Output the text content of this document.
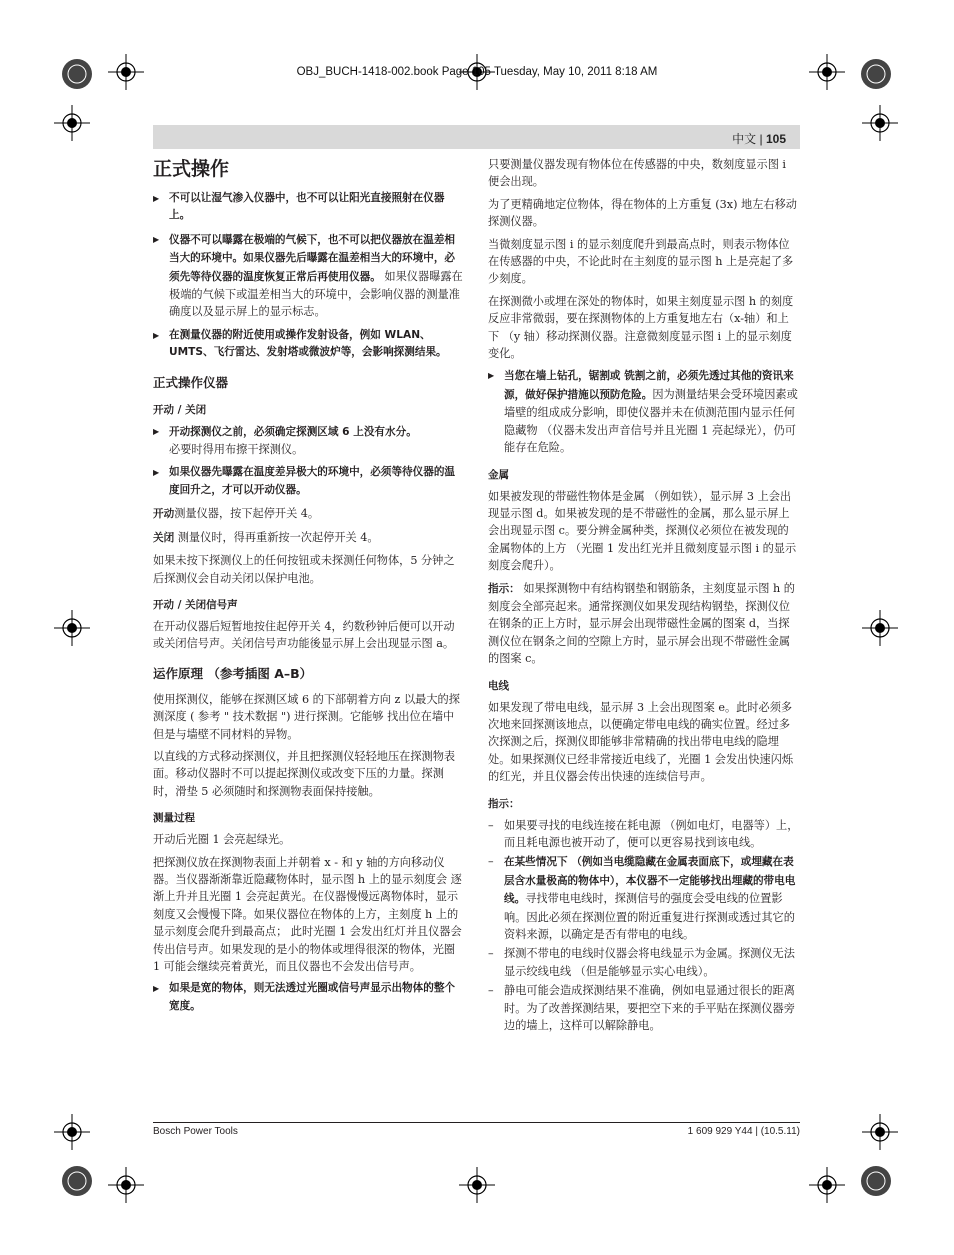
OBJ_BUCH-1418-002.book Page 105 Tuesday, May 10, 2011 8:18 AM
中文 | 105
正式操作
▶ 不可以让湿气渗入仪器中，也不可以让阳光直接照射在仪器上。
▶ 仪器不可以曝露在极端的气候下，也不可以把仪器放在温差相当大的环境中。如果仪器先后曝露在温差相当大的环境中，必须先等待仪器的温度恢复正常后再使用仪器。 如果仪器曝露在极端的气候下或温差相当大的环境中，会影响仪器的测量准确度以及显示屏上的显示标志。
▶ 在测量仪器的附近使用或操作发射设备，例如 WLAN、 UMTS、飞行雷达、发射塔或微波炉等，会影响探测结果。
正式操作仪器
开动 / 关闭
▶ 开动探测仪之前，必须确定探测区域 6 上没有水分。
必要时得用布擦干探测仪。
▶ 如果仪器先曝露在温度差异极大的环境中，必须等待仪器的温度回升之，才可以开动仪器。

开动测量仪器，按下起停开关 4。

关闭 测量仪时，得再重新按一次起停开关 4。

如果未按下探测仪上的任何按钮或未探测任何物体，5 分钟之后探测仪会自动关闭以保护电池。

开动 / 关闭信号声

在开动仪器后短暂地按住起停开关 4，约数秒钟后便可以开动或关闭信号声。关闭信号声功能後显示屏上会出现显示图 a。

运作原理 （参考插图 A–B）

使用探测仪，能够在探测区域 6 的下部朝着方向 z 以最大的探测深度 ( 参考 " 技术数据 ") 进行探测。它能够 找出位在墙中但是与墙壁不同材料的异物。

以直线的方式移动探测仪，并且把探测仪轻轻地压在探测物表面。移动仪器时不可以提起探测仪或改变下压的力量。探测时，滑垫 5 必须随时和探测物表面保持接触。

测量过程

开动后光圈 1 会亮起绿光。

把探测仪放在探测物表面上并朝着 x - 和 y 轴的方向移动仪器。当仪器渐渐靠近隐藏物体时，显示图 h 上的显示刻度会 逐渐上升并且光圈 1 会亮起黄光。在仪器慢慢远离物体时，显示刻度又会慢慢下降。如果仪器位在物体的上方，主刻度 h 上的显示刻度会爬升到最高点； 此时光圈 1 会发出红灯并且仪器会传出信号声。如果发现的是小的物体或埋得很深的物体，光圈 1 可能会继续亮着黄光，而且仪器也不会发出信号声。

▶ 如果是宽的物体，则无法透过光圈或信号声显示出物体的整个宽度。

只要测量仪器发现有物体位在传感器的中央，数刻度显示图 i 便会出现。

为了更精确地定位物体，得在物体的上方重复 (3x) 地左右移动探测仪器。

当微刻度显示图 i 的显示刻度爬升到最高点时，则表示物体位在传感器的中央，不论此时在主刻度的显示图 h 上是亮起了多少刻度。

在探测微小或埋在深处的物体时，如果主刻度显示图 h 的刻度反应非常微弱，要在探测物体的上方重复地左右（x-轴）和上下 （y 轴）移动探测仪器。注意微刻度显示图 i 上的显示刻度变化。

▶ 当您在墙上钻孔，锯割或 铣割之前，必须先透过其他的资讯来源，做好保护措施以预防危险。因为测量结果会受环境因素或墙壁的组成成分影响，即使仪器并未在侦测范围内显示任何隐藏物 （仪器未发出声音信号并且光圈 1 亮起绿光），仍可能存在危险。
金属

如果被发现的带磁性物体是金属 （例如铁），显示屏 3 上会出现显示图 d。如果被发现的是不带磁性的金属，那么显示屏上会出现显示图 c。要分辨金属种类，探测仪必须位在被发现的金属物体的上方 （光圈 1 发出红光并且微刻度显示图 i 的显示刻度会爬升）。

指示： 如果探测物中有结构钢垫和钢筋条，主刻度显示图 h 的刻度会全部亮起来。通常探测仪如果发现结构钢垫，探测仪位在钢条的正上方时，显示屏会出现带磁性金属的图案 d，当探测仪位在钢条之间的空隙上方时，显示屏会出现不带磁性金属的图案 c。

电线

如果发现了带电电线，显示屏 3 上会出现图案 e。此时必须多次地来回探测该地点，以便确定带电电线的确实位置。经过多次探测之后，探测仪即能够非常精确的找出带电电线的隐埋处。如果探测仪已经非常接近电线了，光圈 1 会发出快速闪烁的红光，并且仪器会传出快速的连续信号声。

指示：
– 如果要寻找的电线连接在耗电源 （例如电灯，电器等）上，而且耗电源也被开动了，便可以更容易找到该电线。
– 在某些情况下 （例如当电缆隐藏在金属表面底下，或埋藏在表层含水量极高的物体中），本仪器不一定能够找出埋藏的带电电线。寻找带电电线时，探测信号的强度会受电线的位置影响。因此必须在探测位置的附近重复进行探测或透过其它的资料来源，以确定是否有带电的电线。
– 探测不带电的电线时仪器会将电线显示为金属。探测仪无法显示绞线电线 （但是能够显示实心电线）。
– 静电可能会造成探测结果不准确，例如电显通过很长的距离时。为了改善探测结果，要把空下来的手平贴在探测仪器旁边的墙上，这样可以解除静电。
Bosch Power Tools	1 609 929 Y44 | (10.5.11)
